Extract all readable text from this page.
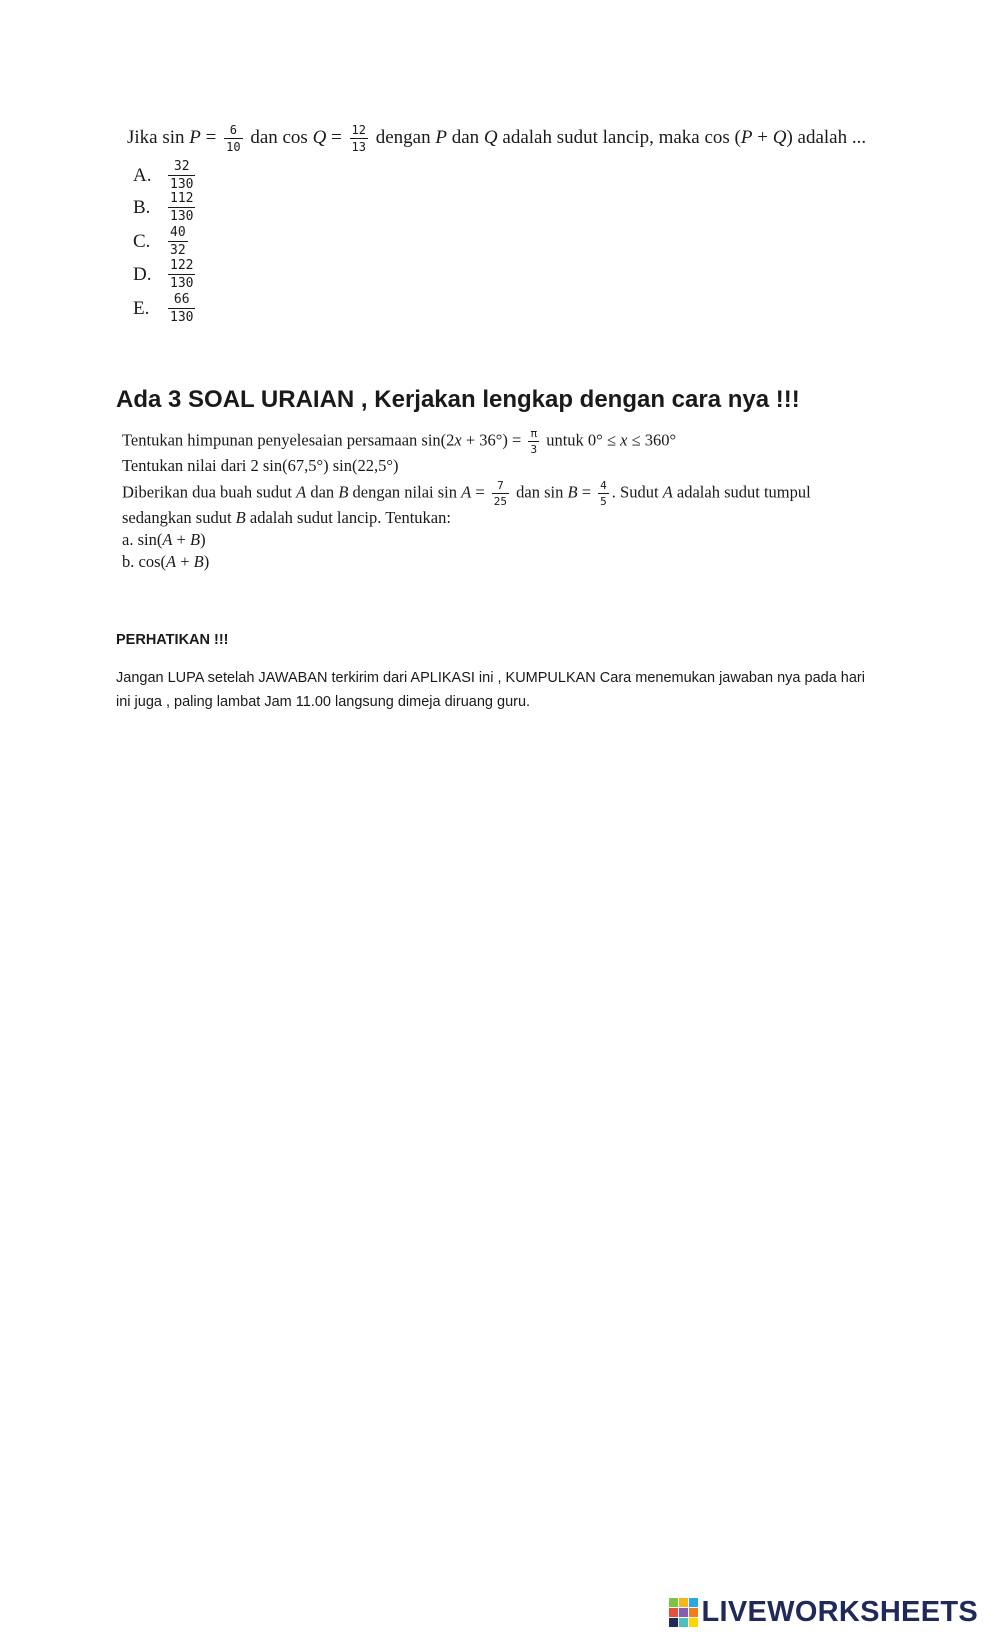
Jika $\sin P = \frac{6}{10}$ dan $\cos Q = \frac{12}{13}$ dengan P dan Q adalah sudut lancip, maka cos (P + Q) adalah ...
A.	$\frac{32}{130}$
B.	$\frac{112}{130}$
C.	$\frac{40}{32}$
D.	$\frac{122}{130}$
E.	$\frac{66}{130}$
Ada 3 SOAL URAIAN , Kerjakan lengkap dengan cara nya !!!
Tentukan himpunan penyelesaian persamaan $\sin(2x + 36^\circ) = \frac{\pi}{3}$ untuk 0° ≤ x ≤ 360°
Tentukan nilai dari 2 sin(67,5°) sin(22,5°)
Diberikan dua buah sudut A dan B dengan nilai $\sin A = \frac{7}{25}$ dan $\sin B = \frac{4}{5}$ . Sudut A adalah sudut tumpul
sedangkan sudut B adalah sudut lancip. Tentukan:
a. sin(A + B)
b. cos(A + B)
PERHATIKAN !!!
Jangan LUPA setelah JAWABAN terkirim dari APLIKASI ini , KUMPULKAN Cara menemukan jawaban nya pada hari ini juga , paling lambat Jam 11.00 langsung dimeja diruang guru.
LIVEWORKSHEETS
